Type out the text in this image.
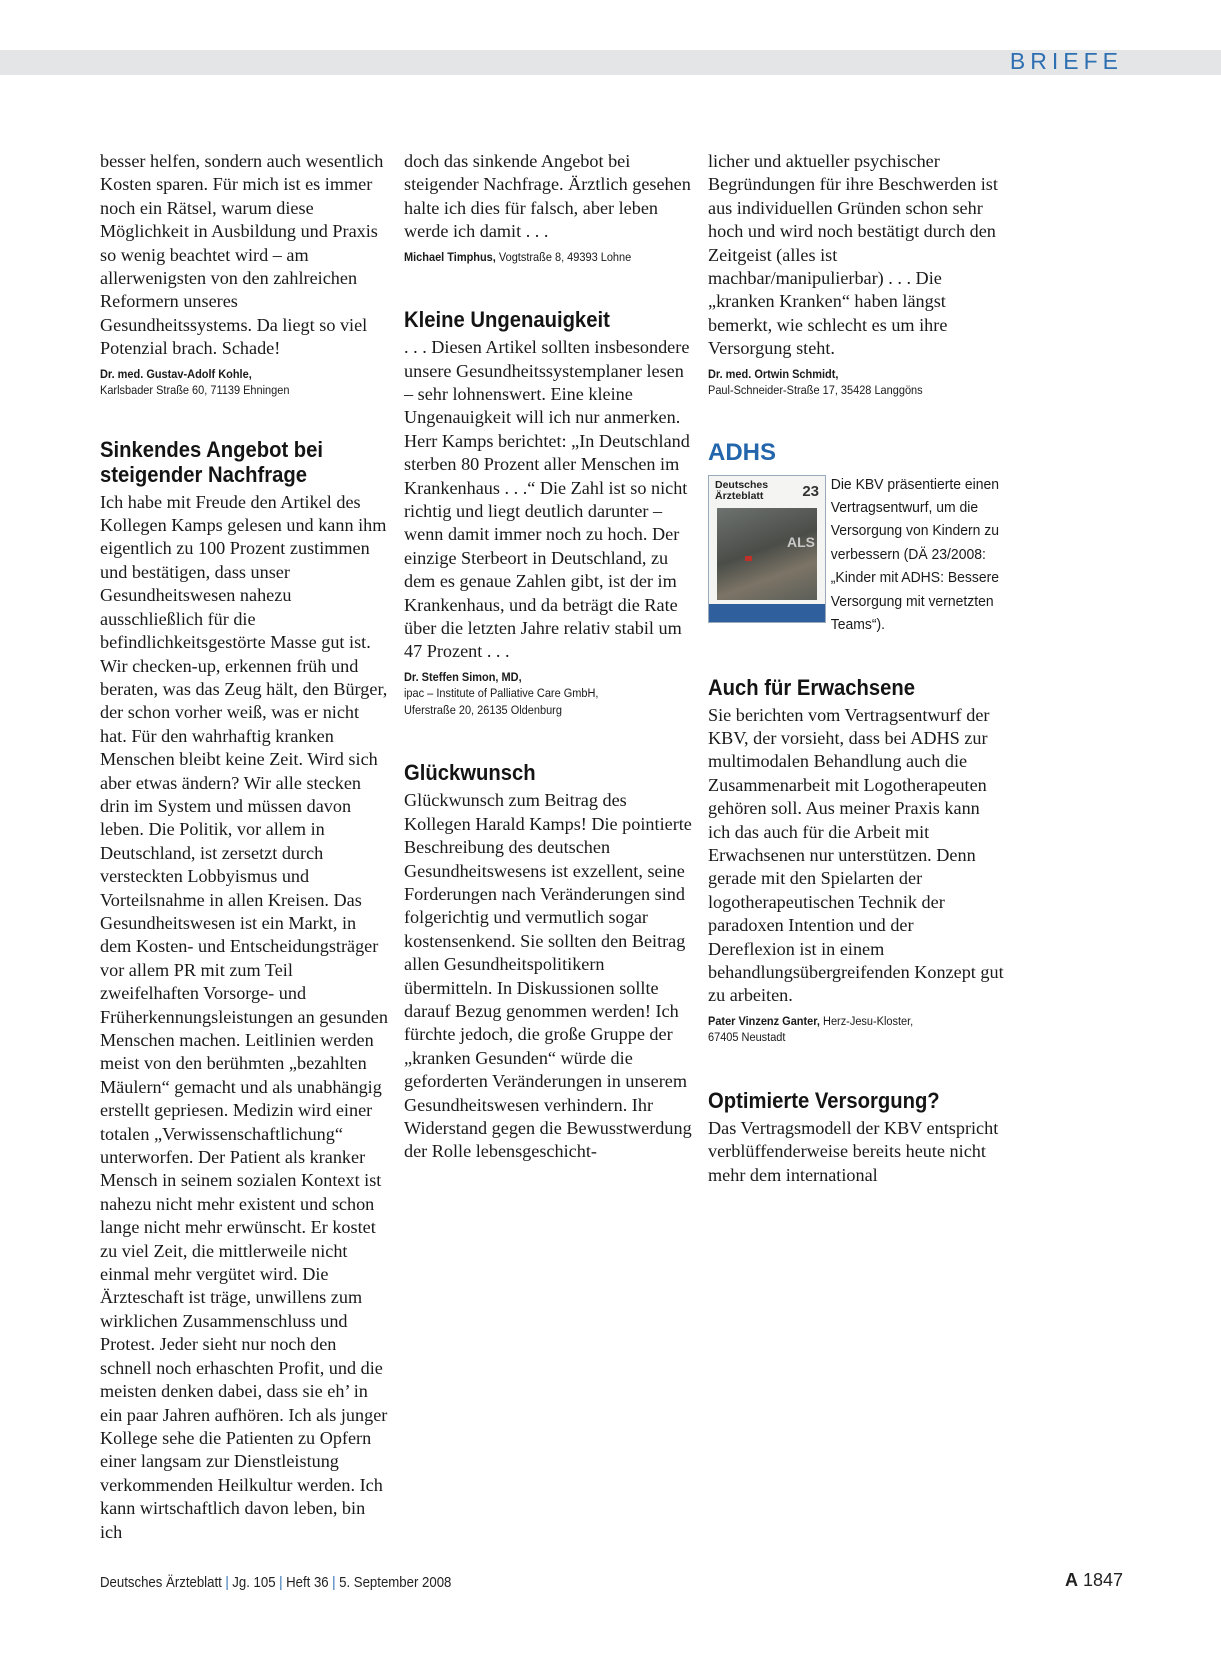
BRIEFE

besser helfen, sondern auch wesentlich Kosten sparen. Für mich ist es immer noch ein Rätsel, warum diese Möglichkeit in Ausbildung und Praxis so wenig beachtet wird – am allerwenigsten von den zahlreichen Reformern unseres Gesundheitssystems. Da liegt so viel Potenzial brach. Schade!

Dr. med. Gustav-Adolf Kohle,
Karlsbader Straße 60, 71139 Ehningen

Sinkendes Angebot bei steigender Nachfrage

Ich habe mit Freude den Artikel des Kollegen Kamps gelesen und kann ihm eigentlich zu 100 Prozent zustimmen und bestätigen, dass unser Gesundheitswesen nahezu ausschließlich für die befindlichkeitsgestörte Masse gut ist. Wir checken-up, erkennen früh und beraten, was das Zeug hält, den Bürger, der schon vorher weiß, was er nicht hat. Für den wahrhaftig kranken Menschen bleibt keine Zeit. Wird sich aber etwas ändern? Wir alle stecken drin im System und müssen davon leben. Die Politik, vor allem in Deutschland, ist zersetzt durch versteckten Lobbyismus und Vorteilsnahme in allen Kreisen. Das Gesundheitswesen ist ein Markt, in dem Kosten- und Entscheidungsträger vor allem PR mit zum Teil zweifelhaften Vorsorge- und Früherkennungsleistungen an gesunden Menschen machen. Leitlinien werden meist von den berühmten „bezahlten Mäulern“ gemacht und als unabhängig erstellt gepriesen. Medizin wird einer totalen „Verwissenschaftlichung“ unterworfen. Der Patient als kranker Mensch in seinem sozialen Kontext ist nahezu nicht mehr existent und schon lange nicht mehr erwünscht. Er kostet zu viel Zeit, die mittlerweile nicht einmal mehr vergütet wird. Die Ärzteschaft ist träge, unwillens zum wirklichen Zusammenschluss und Protest. Jeder sieht nur noch den schnell noch erhaschten Profit, und die meisten denken dabei, dass sie eh’ in ein paar Jahren aufhören. Ich als junger Kollege sehe die Patienten zu Opfern einer langsam zur Dienstleistung verkommenden Heilkultur werden. Ich kann wirtschaftlich davon leben, bin ich

doch das sinkende Angebot bei steigender Nachfrage. Ärztlich gesehen halte ich dies für falsch, aber leben werde ich damit . . .

Michael Timphus, Vogtstraße 8, 49393 Lohne

Kleine Ungenauigkeit

. . . Diesen Artikel sollten insbesondere unsere Gesundheitssystemplaner lesen – sehr lohnenswert. Eine kleine Ungenauigkeit will ich nur anmerken. Herr Kamps berichtet: „In Deutschland sterben 80 Prozent aller Menschen im Krankenhaus . . .“ Die Zahl ist so nicht richtig und liegt deutlich darunter – wenn damit immer noch zu hoch. Der einzige Sterbeort in Deutschland, zu dem es genaue Zahlen gibt, ist der im Krankenhaus, und da beträgt die Rate über die letzten Jahre relativ stabil um 47 Prozent . . .

Dr. Steffen Simon, MD,
ipac – Institute of Palliative Care GmbH,
Uferstraße 20, 26135 Oldenburg

Glückwunsch

Glückwunsch zum Beitrag des Kollegen Harald Kamps! Die pointierte Beschreibung des deutschen Gesundheitswesens ist exzellent, seine Forderungen nach Veränderungen sind folgerichtig und vermutlich sogar kostensenkend. Sie sollten den Beitrag allen Gesundheitspolitikern übermitteln. In Diskussionen sollte darauf Bezug genommen werden! Ich fürchte jedoch, die große Gruppe der „kranken Gesunden“ würde die geforderten Veränderungen in unserem Gesundheitswesen verhindern. Ihr Widerstand gegen die Bewusstwerdung der Rolle lebensgeschicht-

licher und aktueller psychischer Begründungen für ihre Beschwerden ist aus individuellen Gründen schon sehr hoch und wird noch bestätigt durch den Zeitgeist (alles ist machbar/manipulierbar) . . . Die „kranken Kranken“ haben längst bemerkt, wie schlecht es um ihre Versorgung steht.

Dr. med. Ortwin Schmidt,
Paul-Schneider-Straße 17, 35428 Langgöns

ADHS
Deutsches Ärzteblatt	23
ALS

Die KBV präsentierte einen Vertragsentwurf, um die Versorgung von Kindern zu verbessern (DÄ 23/2008: „Kinder mit ADHS: Bessere Versorgung mit vernetzten Teams“).

Auch für Erwachsene

Sie berichten vom Vertragsentwurf der KBV, der vorsieht, dass bei ADHS zur multimodalen Behandlung auch die Zusammenarbeit mit Logotherapeuten gehören soll. Aus meiner Praxis kann ich das auch für die Arbeit mit Erwachsenen nur unterstützen. Denn gerade mit den Spielarten der logotherapeutischen Technik der paradoxen Intention und der Dereflexion ist in einem behandlungsübergreifenden Konzept gut zu arbeiten.

Pater Vinzenz Ganter, Herz-Jesu-Kloster,
67405 Neustadt

Optimierte Versorgung?

Das Vertragsmodell der KBV entspricht verblüffenderweise bereits heute nicht mehr dem international

Deutsches Ärzteblatt | Jg. 105 | Heft 36 | 5. September 2008	A 1847
